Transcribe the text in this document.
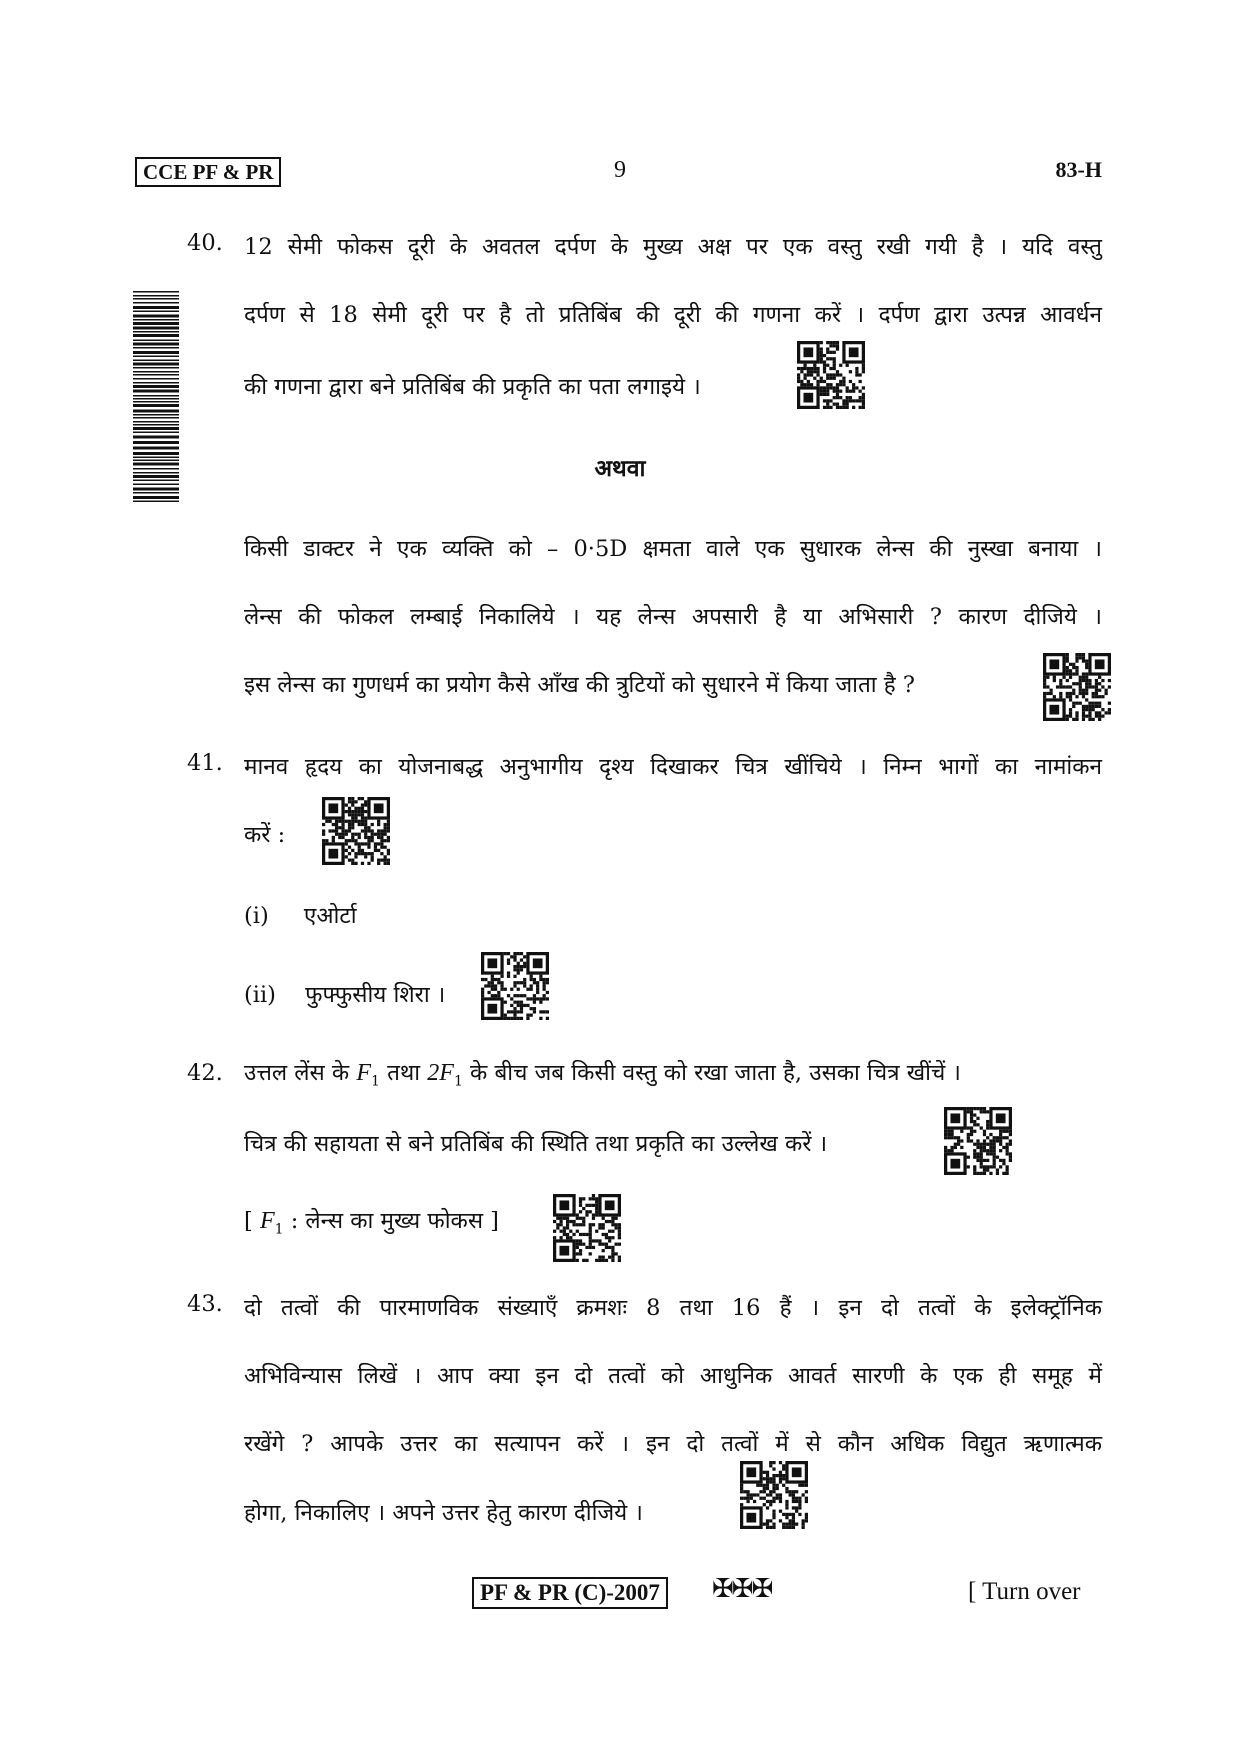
CCE PF & PR	9	83-H
40. 12 सेमी फोकस दूरी के अवतल दर्पण के मुख्य अक्ष पर एक वस्तु रखी गयी है । यदि वस्तु
दर्पण से 18 सेमी दूरी पर है तो प्रतिबिंब की दूरी की गणना करें । दर्पण द्वारा उत्पन्न आवर्धन
की गणना द्वारा बने प्रतिबिंब की प्रकृति का पता लगाइये ।
अथवा
किसी डाक्टर ने एक व्यक्ति को – 0·5D क्षमता वाले एक सुधारक लेन्स की नुस्खा बनाया ।
लेन्स की फोकल लम्बाई निकालिये । यह लेन्स अपसारी है या अभिसारी ? कारण दीजिये ।
इस लेन्स का गुणधर्म का प्रयोग कैसे आँख की त्रुटियों को सुधारने में किया जाता है ?
41. मानव हृदय का योजनाबद्ध अनुभागीय दृश्य दिखाकर चित्र खींचिये । निम्न भागों का नामांकन
करें :
(i) एओर्टा
(ii) फुफ्फुसीय शिरा ।
42. उत्तल लेंस के $F_1$ तथा $2F_1$ के बीच जब किसी वस्तु को रखा जाता है, उसका चित्र खींचें ।
चित्र की सहायता से बने प्रतिबिंब की स्थिति तथा प्रकृति का उल्लेख करें ।
[ $F_1$ : लेन्स का मुख्य फोकस ]
43. दो तत्वों की पारमाणविक संख्याएँ क्रमशः 8 तथा 16 हैं । इन दो तत्वों के इलेक्ट्रॉनिक
अभिविन्यास लिखें । आप क्या इन दो तत्वों को आधुनिक आवर्त सारणी के एक ही समूह में
रखेंगे ? आपके उत्तर का सत्यापन करें । इन दो तत्वों में से कौन अधिक विद्युत ऋणात्मक
होगा, निकालिए । अपने उत्तर हेतु कारण दीजिये ।
PF & PR (C)-2007	✠✠✠	[ Turn over
